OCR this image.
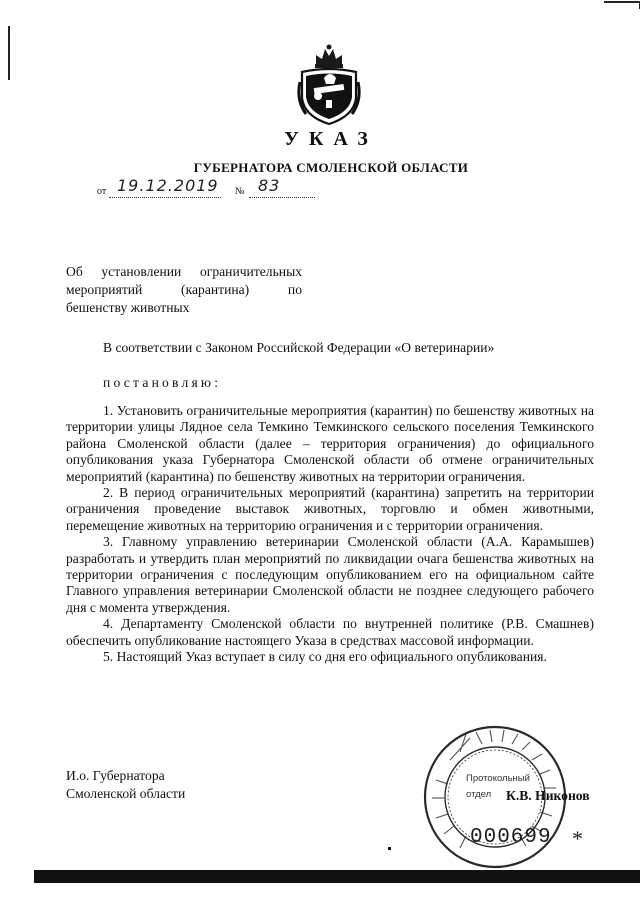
УКАЗ
ГУБЕРНАТОРА СМОЛЕНСКОЙ ОБЛАСТИ
от 19.12.2019 № 83
Об установлении ограничительных
мероприятий (карантина) по
бешенству животных
В соответствии с Законом Российской Федерации «О ветеринарии»
постановляю:

1. Установить ограничительные мероприятия (карантин) по бешенству животных на территории улицы Лядное села Темкино Темкинского сельского поселения Темкинского района Смоленской области (далее – территория ограничения) до официального опубликования указа Губернатора Смоленской области об отмене ограничительных мероприятий (карантина) по бешенству животных на территории ограничения.

2. В период ограничительных мероприятий (карантина) запретить на территории ограничения проведение выставок животных, торговлю и обмен животными, перемещение животных на территорию ограничения и с территории ограничения.

3. Главному управлению ветеринарии Смоленской области (А.А. Карамышев) разработать и утвердить план мероприятий по ликвидации очага бешенства животных на территории ограничения с последующим опубликованием его на официальном сайте Главного управления ветеринарии Смоленской области не позднее следующего рабочего дня с момента утверждения.

4. Департаменту Смоленской области по внутренней политике (Р.В. Смашнев) обеспечить опубликование настоящего Указа в средствах массовой информации.

5. Настоящий Указ вступает в силу со дня его официального опубликования.

Протокольный
отдел
И.о. Губернатора
Смоленской области	К.В. Никонов
000699 *
